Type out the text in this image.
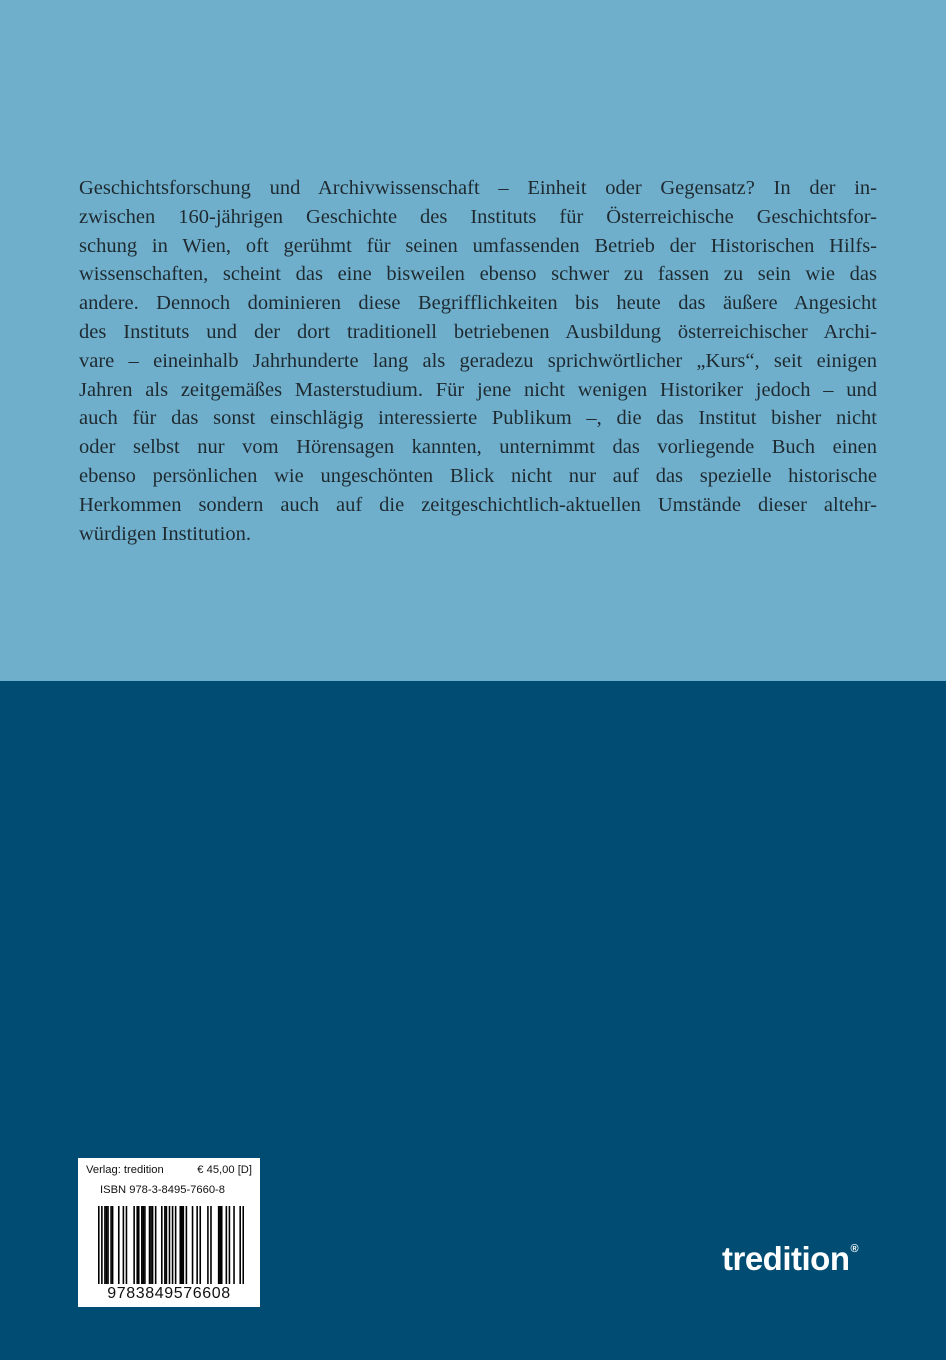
Geschichtsforschung und Archivwissenschaft – Einheit oder Gegensatz? In der in-
zwischen 160-jährigen Geschichte des Instituts für Österreichische Geschichtsfor-
schung in Wien, oft gerühmt für seinen umfassenden Betrieb der Historischen Hilfs-
wissenschaften, scheint das eine bisweilen ebenso schwer zu fassen zu sein wie das
andere. Dennoch dominieren diese Begrifflichkeiten bis heute das äußere Angesicht
des Instituts und der dort traditionell betriebenen Ausbildung österreichischer Archi-
vare – eineinhalb Jahrhunderte lang als geradezu sprichwörtlicher „Kurs“, seit einigen
Jahren als zeitgemäßes Masterstudium. Für jene nicht wenigen Historiker jedoch – und
auch für das sonst einschlägig interessierte Publikum –, die das Institut bisher nicht
oder selbst nur vom Hörensagen kannten, unternimmt das vorliegende Buch einen
ebenso persönlichen wie ungeschönten Blick nicht nur auf das spezielle historische
Herkommen sondern auch auf die zeitgeschichtlich-aktuellen Umstände dieser altehr-
würdigen Institution.

Verlag: tredition	€ 45,00 [D]
ISBN 978-3-8495-7660-8
9783849576608
tredition®
